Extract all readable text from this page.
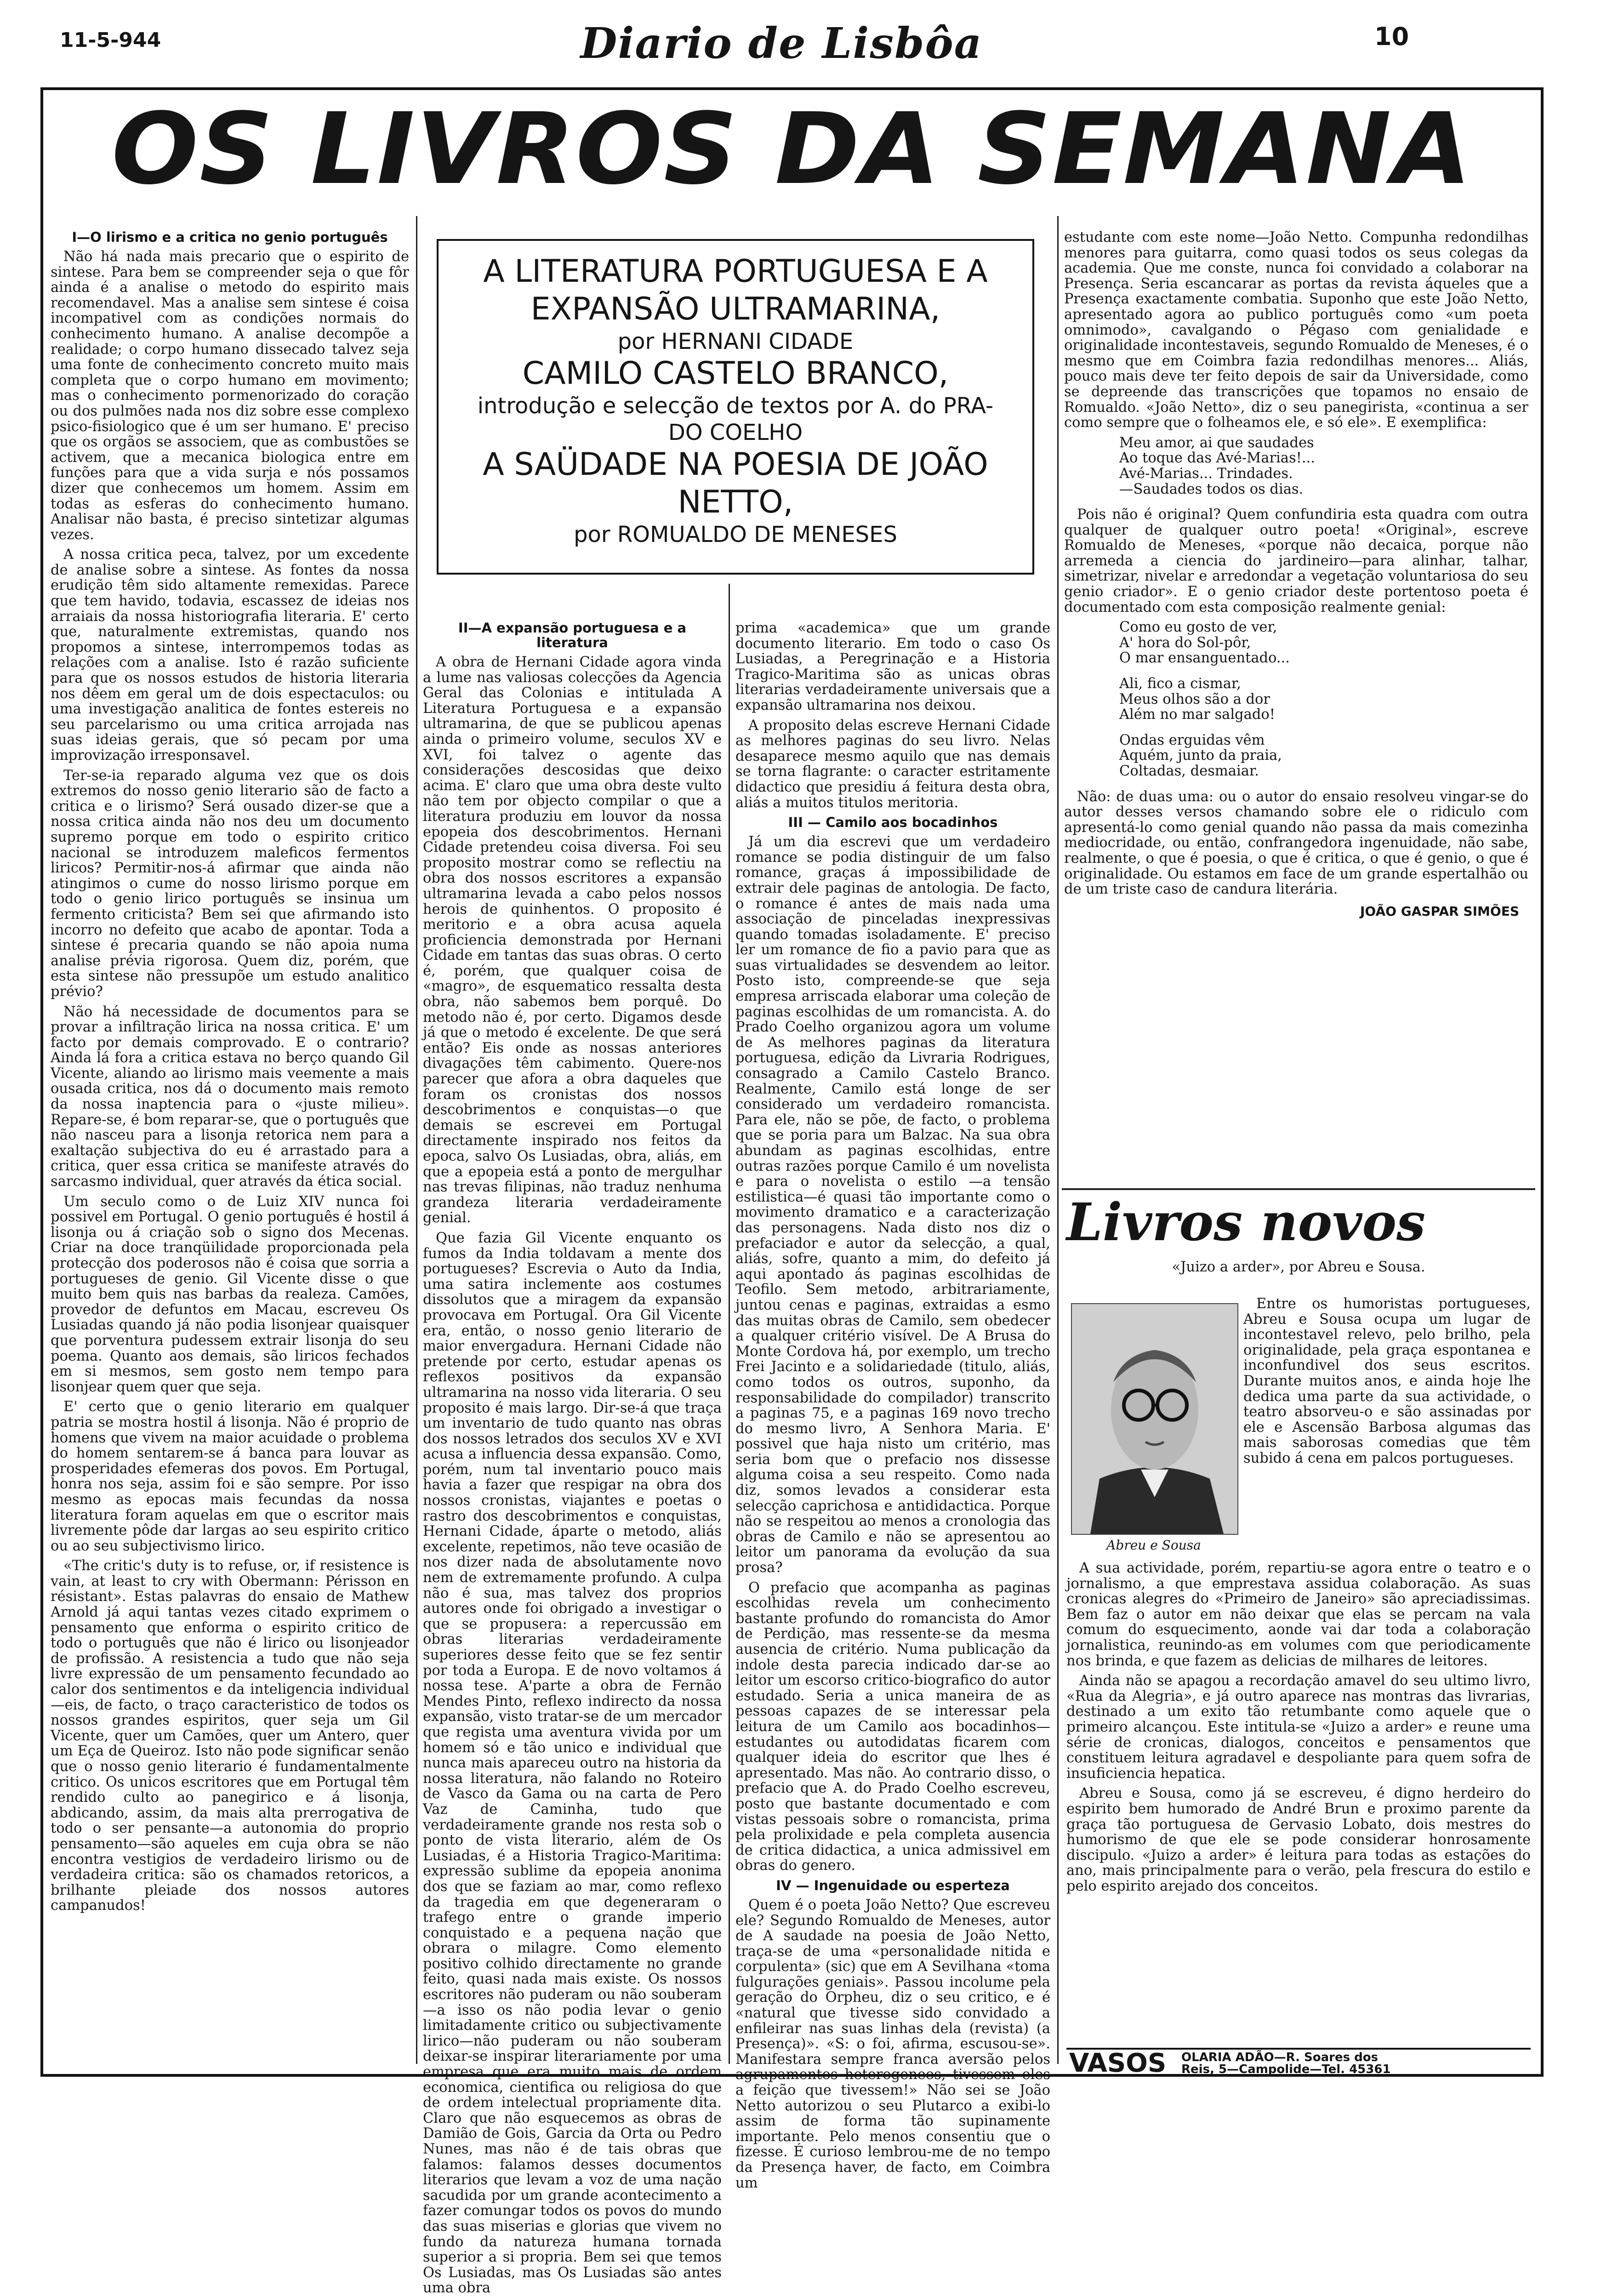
11-5-944	Diario de Lisbôa	10
OS LIVROS DA SEMANA
I—O lirismo e a critica no genio português

Não há nada mais precario que o espirito de sintese. Para bem se compreender seja o que fôr ainda é a analise o metodo do espirito mais recomendavel. Mas a analise sem sintese é coisa incompativel com as condições normais do conhecimento humano. A analise decompõe a realidade; o corpo humano dissecado talvez seja uma fonte de conhecimento concreto muito mais completa que o corpo humano em movimento; mas o conhecimento pormenorizado do coração ou dos pulmões nada nos diz sobre esse complexo psico-fisiologico que é um ser humano. E' preciso que os orgãos se associem, que as combustões se activem, que a mecanica biologica entre em funções para que a vida surja e nós possamos dizer que conhecemos um homem. Assim em todas as esferas do conhecimento humano. Analisar não basta, é preciso sintetizar algumas vezes.

A nossa critica peca, talvez, por um excedente de analise sobre a sintese. As fontes da nossa erudição têm sido altamente remexidas. Parece que tem havido, todavia, escassez de ideias nos arraiais da nossa historiografia literaria. E' certo que, naturalmente extremistas, quando nos propomos a sintese, interrompemos todas as relações com a analise. Isto é razão suficiente para que os nossos estudos de historia literaria nos dêem em geral um de dois espectaculos: ou uma investigação analitica de fontes estereis no seu parcelarismo ou uma critica arrojada nas suas ideias gerais, que só pecam por uma improvização irresponsavel.

Ter-se-ia reparado alguma vez que os dois extremos do nosso genio literario são de facto a critica e o lirismo? Será ousado dizer-se que a nossa critica ainda não nos deu um documento supremo porque em todo o espirito critico nacional se introduzem maleficos fermentos liricos? Permitir-nos-á afirmar que ainda não atingimos o cume do nosso lirismo porque em todo o genio lirico português se insinua um fermento criticista? Bem sei que afirmando isto incorro no defeito que acabo de apontar. Toda a sintese é precaria quando se não apoia numa analise prévia rigorosa. Quem diz, porém, que esta sintese não pressupõe um estudo analitico prévio?

Não há necessidade de documentos para se provar a infiltração lirica na nossa critica. E' um facto por demais comprovado. E o contrario? Ainda lá fora a critica estava no berço quando Gil Vicente, aliando ao lirismo mais veemente a mais ousada critica, nos dá o documento mais remoto da nossa inaptencia para o «juste milieu». Repare-se, é bom reparar-se, que o português que não nasceu para a lisonja retorica nem para a exaltação subjectiva do eu é arrastado para a critica, quer essa critica se manifeste através do sarcasmo individual, quer através da ética social.

Um seculo como o de Luiz XIV nunca foi possivel em Portugal. O genio português é hostil á lisonja ou á criação sob o signo dos Mecenas. Criar na doce tranqüilidade proporcionada pela protecção dos poderosos não é coisa que sorria a portugueses de genio. Gil Vicente disse o que muito bem quis nas barbas da realeza. Camões, provedor de defuntos em Macau, escreveu Os Lusiadas quando já não podia lisonjear quaisquer que porventura pudessem extrair lisonja do seu poema. Quanto aos demais, são liricos fechados em si mesmos, sem gosto nem tempo para lisonjear quem quer que seja.

E' certo que o genio literario em qualquer patria se mostra hostil á lisonja. Não é proprio de homens que vivem na maior acuidade o problema do homem sentarem-se á banca para louvar as prosperidades efemeras dos povos. Em Portugal, honra nos seja, assim foi e são sempre. Por isso mesmo as epocas mais fecundas da nossa literatura foram aquelas em que o escritor mais livremente pôde dar largas ao seu espirito critico ou ao seu subjectivismo lirico.

«The critic's duty is to refuse, or, if resistence is vain, at least to cry with Obermann: Périsson en résistant». Estas palavras do ensaio de Mathew Arnold já aqui tantas vezes citado exprimem o pensamento que enforma o espirito critico de todo o português que não é lirico ou lisonjeador de profissão. A resistencia a tudo que não seja livre expressão de um pensamento fecundado ao calor dos sentimentos e da inteligencia individual—eis, de facto, o traço caracteristico de todos os nossos grandes espiritos, quer seja um Gil Vicente, quer um Camões, quer um Antero, quer um Eça de Queiroz. Isto não pode significar senão que o nosso genio literario é fundamentalmente critico. Os unicos escritores que em Portugal têm rendido culto ao panegirico e á lisonja, abdicando, assim, da mais alta prerrogativa de todo o ser pensante—a autonomia do proprio pensamento—são aqueles em cuja obra se não encontra vestigios de verdadeiro lirismo ou de verdadeira critica: são os chamados retoricos, a brilhante pleiade dos nossos autores campanudos!

A LITERATURA PORTUGUESA E A
EXPANSÃO ULTRAMARINA,
por HERNANI CIDADE
CAMILO CASTELO BRANCO,
introdução e selecção de textos por A. do PRA-
DO COELHO
A SAÜDADE NA POESIA DE JOÃO
NETTO,
por ROMUALDO DE MENESES
II—A expansão portuguesa e a literatura

A obra de Hernani Cidade agora vinda a lume nas valiosas colecções da Agencia Geral das Colonias e intitulada A Literatura Portuguesa e a expansão ultramarina, de que se publicou apenas ainda o primeiro volume, seculos XV e XVI, foi talvez o agente das considerações descosidas que deixo acima. E' claro que uma obra deste vulto não tem por objecto compilar o que a literatura produziu em louvor da nossa epopeia dos descobrimentos. Hernani Cidade pretendeu coisa diversa. Foi seu proposito mostrar como se reflectiu na obra dos nossos escritores a expansão ultramarina levada a cabo pelos nossos herois de quinhentos. O proposito é meritorio e a obra acusa aquela proficiencia demonstrada por Hernani Cidade em tantas das suas obras. O certo é, porém, que qualquer coisa de «magro», de esquematico ressalta desta obra, não sabemos bem porquê. Do metodo não é, por certo. Digamos desde já que o metodo é excelente. De que será então? Eis onde as nossas anteriores divagações têm cabimento. Quere-nos parecer que afora a obra daqueles que foram os cronistas dos nossos descobrimentos e conquistas—o que demais se escrevei em Portugal directamente inspirado nos feitos da epoca, salvo Os Lusiadas, obra, aliás, em que a epopeia está a ponto de mergulhar nas trevas filipinas, não traduz nenhuma grandeza literaria verdadeiramente genial.

Que fazia Gil Vicente enquanto os fumos da India toldavam a mente dos portugueses? Escrevia o Auto da India, uma satira inclemente aos costumes dissolutos que a miragem da expansão provocava em Portugal. Ora Gil Vicente era, então, o nosso genio literario de maior envergadura. Hernani Cidade não pretende por certo, estudar apenas os reflexos positivos da expansão ultramarina na nosso vida literaria. O seu proposito é mais largo. Dir-se-á que traça um inventario de tudo quanto nas obras dos nossos letrados dos seculos XV e XVI acusa a influencia dessa expansão. Como, porém, num tal inventario pouco mais havia a fazer que respigar na obra dos nossos cronistas, viajantes e poetas o rastro dos descobrimentos e conquistas, Hernani Cidade, áparte o metodo, aliás excelente, repetimos, não teve ocasião de nos dizer nada de absolutamente novo nem de extremamente profundo. A culpa não é sua, mas talvez dos proprios autores onde foi obrigado a investigar o que se propusera: a repercussão em obras literarias verdadeiramente superiores desse feito que se fez sentir por toda a Europa. E de novo voltamos á nossa tese. A'parte a obra de Fernão Mendes Pinto, reflexo indirecto da nossa expansão, visto tratar-se de um mercador que regista uma aventura vivida por um homem só e tão unico e individual que nunca mais apareceu outro na historia da nossa literatura, não falando no Roteiro de Vasco da Gama ou na carta de Pero Vaz de Caminha, tudo que verdadeiramente grande nos resta sob o ponto de vista literario, além de Os Lusiadas, é a Historia Tragico-Maritima: expressão sublime da epopeia anonima dos que se faziam ao mar, como reflexo da tragedia em que degeneraram o trafego entre o grande imperio conquistado e a pequena nação que obrara o milagre. Como elemento positivo colhido directamente no grande feito, quasi nada mais existe. Os nossos escritores não puderam ou não souberam—a isso os não podia levar o genio limitadamente critico ou subjectivamente lirico—não puderam ou não souberam deixar-se inspirar literariamente por uma empresa que era muito mais de ordem economica, cientifica ou religiosa do que de ordem intelectual propriamente dita. Claro que não esquecemos as obras de Damião de Gois, Garcia da Orta ou Pedro Nunes, mas não é de tais obras que falamos: falamos desses documentos literarios que levam a voz de uma nação sacudida por um grande acontecimento a fazer comungar todos os povos do mundo das suas miserias e glorias que vivem no fundo da natureza humana tornada superior a si propria. Bem sei que temos Os Lusiadas, mas Os Lusiadas são antes uma obra

prima «academica» que um grande documento literario. Em todo o caso Os Lusiadas, a Peregrinação e a Historia Tragico-Maritima são as unicas obras literarias verdadeiramente universais que a expansão ultramarina nos deixou.

A proposito delas escreve Hernani Cidade as melhores paginas do seu livro. Nelas desaparece mesmo aquilo que nas demais se torna flagrante: o caracter estritamente didactico que presidiu á feitura desta obra, aliás a muitos titulos meritoria.

III — Camilo aos bocadinhos

Já um dia escrevi que um verdadeiro romance se podia distinguir de um falso romance, graças á impossibilidade de extrair dele paginas de antologia. De facto, o romance é antes de mais nada uma associação de pinceladas inexpressivas quando tomadas isoladamente. E' preciso ler um romance de fio a pavio para que as suas virtualidades se desvendem ao leitor. Posto isto, compreende-se que seja empresa arriscada elaborar uma coleção de paginas escolhidas de um romancista. A. do Prado Coelho organizou agora um volume de As melhores paginas da literatura portuguesa, edição da Livraria Rodrigues, consagrado a Camilo Castelo Branco. Realmente, Camilo está longe de ser considerado um verdadeiro romancista. Para ele, não se põe, de facto, o problema que se poria para um Balzac. Na sua obra abundam as paginas escolhidas, entre outras razões porque Camilo é um novelista e para o novelista o estilo —a tensão estilistica—é quasi tão importante como o movimento dramatico e a caracterização das personagens. Nada disto nos diz o prefaciador e autor da selecção, a qual, aliás, sofre, quanto a mim, do defeito já aqui apontado ás paginas escolhidas de Teofilo. Sem metodo, arbitrariamente, juntou cenas e paginas, extraidas a esmo das muitas obras de Camilo, sem obedecer a qualquer critério visível. De A Brusa do Monte Cordova há, por exemplo, um trecho Frei Jacinto e a solidariedade (titulo, aliás, como todos os outros, suponho, da responsabilidade do compilador) transcrito a paginas 75, e a paginas 169 novo trecho do mesmo livro, A Senhora Maria. E' possivel que haja nisto um critério, mas seria bom que o prefacio nos dissesse alguma coisa a seu respeito. Como nada diz, somos levados a considerar esta selecção caprichosa e antididactica. Porque não se respeitou ao menos a cronologia das obras de Camilo e não se apresentou ao leitor um panorama da evolução da sua prosa?

O prefacio que acompanha as paginas escolhidas revela um conhecimento bastante profundo do romancista do Amor de Perdição, mas ressente-se da mesma ausencia de critério. Numa publicação da indole desta parecia indicado dar-se ao leitor um escorso critico-biografico do autor estudado. Seria a unica maneira de as pessoas capazes de se interessar pela leitura de um Camilo aos bocadinhos—estudantes ou autodidatas ficarem com qualquer ideia do escritor que lhes é apresentado. Mas não. Ao contrario disso, o prefacio que A. do Prado Coelho escreveu, posto que bastante documentado e com vistas pessoais sobre o romancista, prima pela prolixidade e pela completa ausencia de critica didactica, a unica admissivel em obras do genero.

IV — Ingenuidade ou esperteza

Quem é o poeta João Netto? Que escreveu ele? Segundo Romualdo de Meneses, autor de A saudade na poesia de João Netto, traça-se de uma «personalidade nitida e corpulenta» (sic) que em A Sevilhana «toma fulgurações geniais». Passou incolume pela geração do Orpheu, diz o seu critico, e é «natural que tivesse sido convidado a enfileirar nas suas linhas dela (revista) (a Presença)». «S: o foi, afirma, escusou-se». Manifestara sempre franca aversão pelos agrupamentos heterogeneos, tivessem eles a feição que tivessem!» Não sei se João Netto autorizou o seu Plutarco a exibi-lo assim de forma tão supinamente importante. Pelo menos consentiu que o fizesse. É curioso lembrou-me de no tempo da Presença haver, de facto, em Coimbra um

estudante com este nome—João Netto. Compunha redondilhas menores para guitarra, como quasi todos os seus colegas da academia. Que me conste, nunca foi convidado a colaborar na Presença. Seria escancarar as portas da revista áqueles que a Presença exactamente combatia. Suponho que este João Netto, apresentado agora ao publico português como «um poeta omnimodo», cavalgando o Pégaso com genialidade e originalidade incontestaveis, segundo Romualdo de Meneses, é o mesmo que em Coimbra fazia redondilhas menores... Aliás, pouco mais deve ter feito depois de sair da Universidade, como se depreende das transcrições que topamos no ensaio de Romualdo. «João Netto», diz o seu panegirista, «continua a ser como sempre que o folheamos ele, e só ele». E exemplifica:

Meu amor, ai que saudades

Ao toque das Avé-Marias!...

Avé-Marias... Trindades.

—Saudades todos os dias.

Pois não é original? Quem confundiria esta quadra com outra qualquer de qualquer outro poeta! «Original», escreve Romualdo de Meneses, «porque não decaica, porque não arremeda a ciencia do jardineiro—para alinhar, talhar, simetrizar, nivelar e arredondar a vegetação voluntariosa do seu genio criador». E o genio criador deste portentoso poeta é documentado com esta composição realmente genial:

Como eu gosto de ver,

A' hora do Sol-pôr,

O mar ensanguentado...

Ali, fico a cismar,

Meus olhos são a dor

Além no mar salgado!

Ondas erguidas vêm

Aquém, junto da praia,

Coltadas, desmaiar.

Não: de duas uma: ou o autor do ensaio resolveu vingar-se do autor desses versos chamando sobre ele o ridiculo com apresentá-lo como genial quando não passa da mais comezinha mediocridade, ou então, confrangedora ingenuidade, não sabe, realmente, o que é poesia, o que é critica, o que é genio, o que é originalidade. Ou estamos em face de um grande espertalhão ou de um triste caso de candura literária.

JOÃO GASPAR SIMÕES
Livros novos

«Juizo a arder», por Abreu e Sousa.

Abreu e Sousa

Entre os humoristas portugueses, Abreu e Sousa ocupa um lugar de incontestavel relevo, pelo brilho, pela originalidade, pela graça espontanea e inconfundivel dos seus escritos. Durante muitos anos, e ainda hoje lhe dedica uma parte da sua actividade, o teatro absorveu-o e são assinadas por ele e Ascensão Barbosa algumas das mais saborosas comedias que têm subido á cena em palcos portugueses.

A sua actividade, porém, repartiu-se agora entre o teatro e o jornalismo, a que emprestava assidua colaboração. As suas cronicas alegres do «Primeiro de Janeiro» são apreciadissimas. Bem faz o autor em não deixar que elas se percam na vala comum do esquecimento, aonde vai dar toda a colaboração jornalistica, reunindo-as em volumes com que periodicamente nos brinda, e que fazem as delicias de milhares de leitores.

Ainda não se apagou a recordação amavel do seu ultimo livro, «Rua da Alegria», e já outro aparece nas montras das livrarias, destinado a um exito tão retumbante como aquele que o primeiro alcançou. Este intitula-se «Juizo a arder» e reune uma série de cronicas, dialogos, conceitos e pensamentos que constituem leitura agradavel e despoliante para quem sofra de insuficiencia hepatica.

Abreu e Sousa, como já se escreveu, é digno herdeiro do espirito bem humorado de André Brun e proximo parente da graça tão portuguesa de Gervasio Lobato, dois mestres do humorismo de que ele se pode considerar honrosamente discipulo. «Juizo a arder» é leitura para todas as estações do ano, mais principalmente para o verão, pela frescura do estilo e pelo espirito arejado dos conceitos.

VASOS OLARIA ADÃO—R. Soares dos
Reis, 5—Campolide—Tel. 45361
